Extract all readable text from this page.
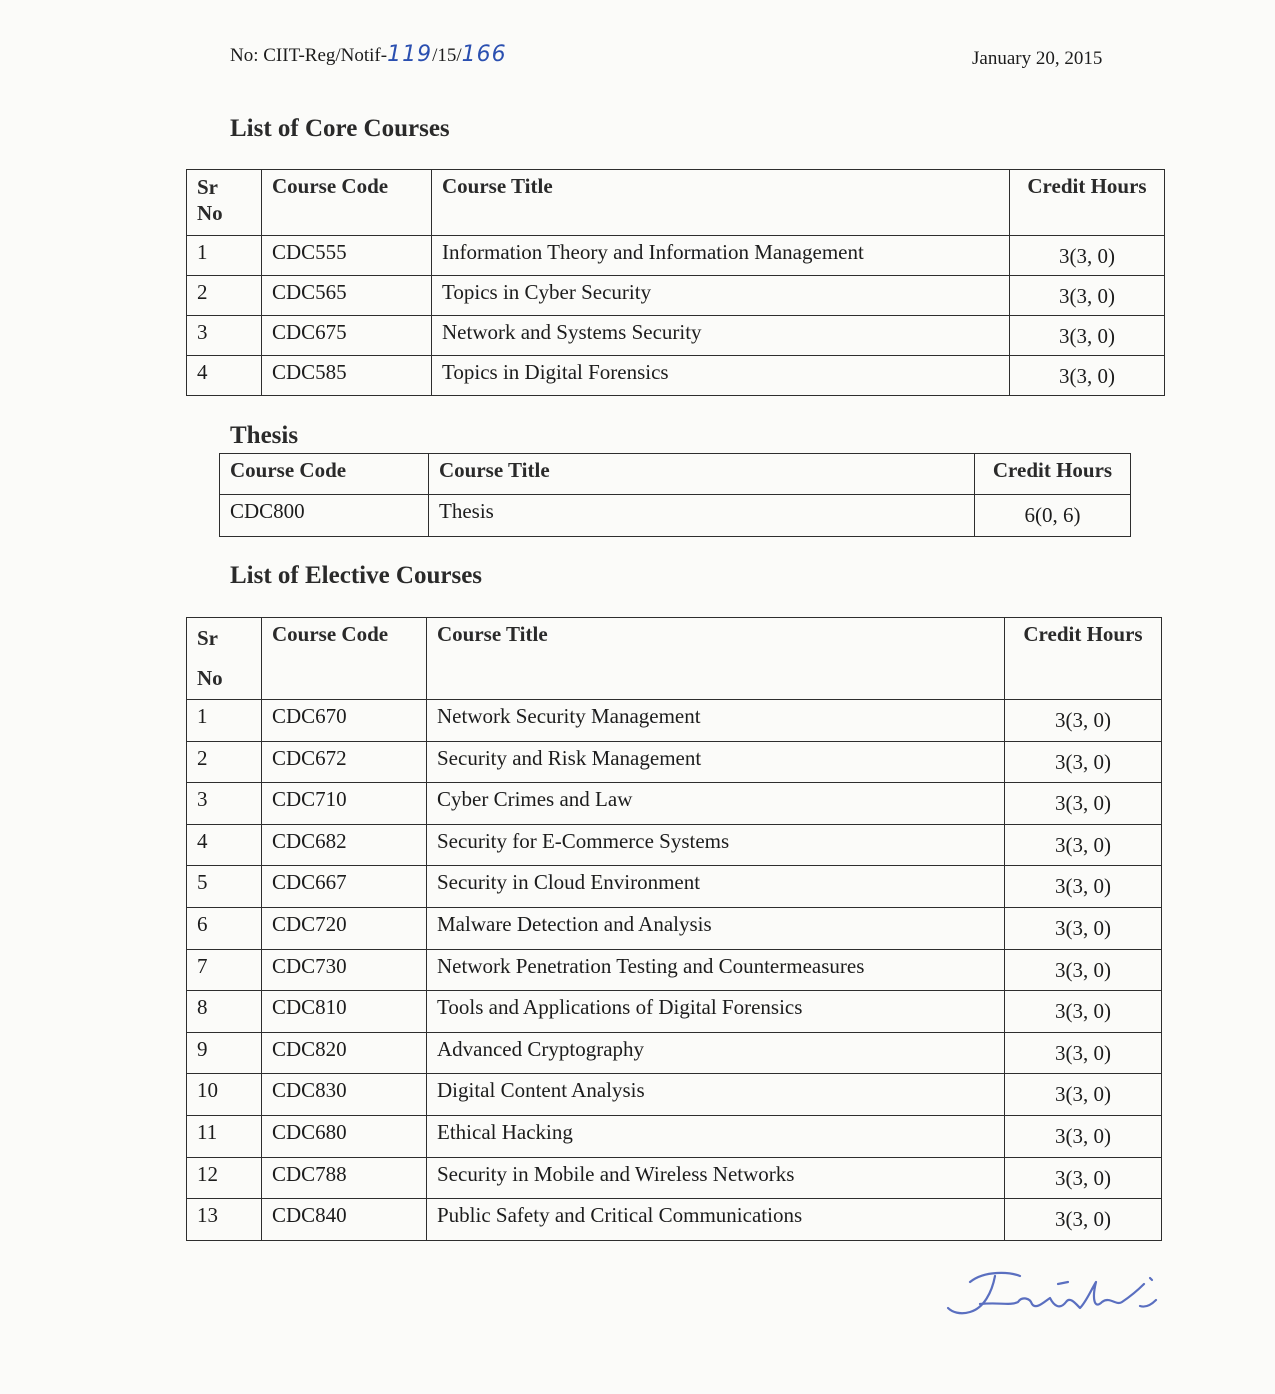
No: CIIT-Reg/Notif-119/15/166	January 20, 2015
List of Core Courses
Sr
No	Course Code	Course Title	Credit Hours
1	CDC555	Information Theory and Information Management	3(3, 0)
2	CDC565	Topics in Cyber Security	3(3, 0)
3	CDC675	Network and Systems Security	3(3, 0)
4	CDC585	Topics in Digital Forensics	3(3, 0)
Thesis
Course Code	Course Title	Credit Hours
CDC800	Thesis	6(0, 6)
List of Elective Courses
Sr
No	Course Code	Course Title	Credit Hours
1	CDC670	Network Security Management	3(3, 0)
2	CDC672	Security and Risk Management	3(3, 0)
3	CDC710	Cyber Crimes and Law	3(3, 0)
4	CDC682	Security for E-Commerce Systems	3(3, 0)
5	CDC667	Security in Cloud Environment	3(3, 0)
6	CDC720	Malware Detection and Analysis	3(3, 0)
7	CDC730	Network Penetration Testing and Countermeasures	3(3, 0)
8	CDC810	Tools and Applications of Digital Forensics	3(3, 0)
9	CDC820	Advanced Cryptography	3(3, 0)
10	CDC830	Digital Content Analysis	3(3, 0)
11	CDC680	Ethical Hacking	3(3, 0)
12	CDC788	Security in Mobile and Wireless Networks	3(3, 0)
13	CDC840	Public Safety and Critical Communications	3(3, 0)
